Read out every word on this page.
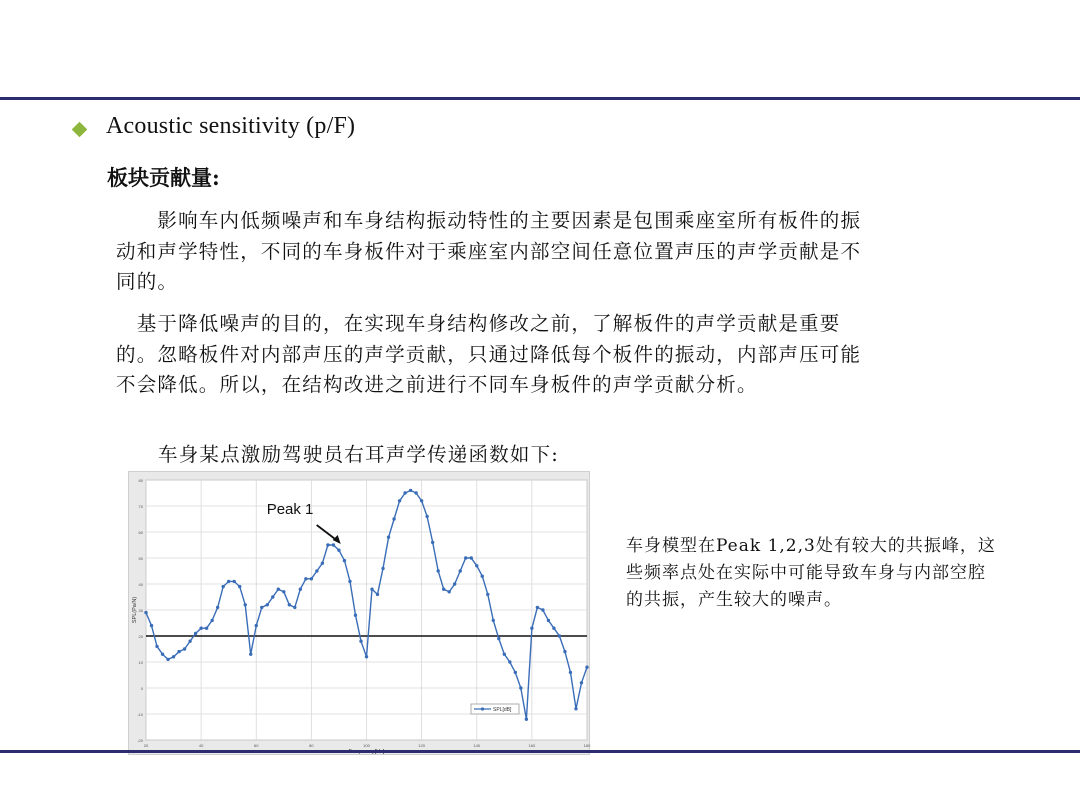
Acoustic sensitivity (p/F)
板块贡献量:

　　影响车内低频噪声和车身结构振动特性的主要因素是包围乘座室所有板件的振动和声学特性，不同的车身板件对于乘座室内部空间任意位置声压的声学贡献是不同的。

　基于降低噪声的目的，在实现车身结构修改之前，了解板件的声学贡献是重要的。忽略板件对内部声压的声学贡献，只通过降低每个板件的振动，内部声压可能不会降低。所以，在结构改进之前进行不同车身板件的声学贡献分析。

车身某点激励驾驶员右耳声学传递函数如下:
-20
-10
0
10
20
30
40
50
60
70
80
20	40	60	80	100	120	140	160	180
SPL(Pa/N)
Peak 1
SPL[dB]

车身模型在Peak 1,2,3处有较大的共振峰，这些频率点处在实际中可能导致车身与内部空腔的共振，产生较大的噪声。
